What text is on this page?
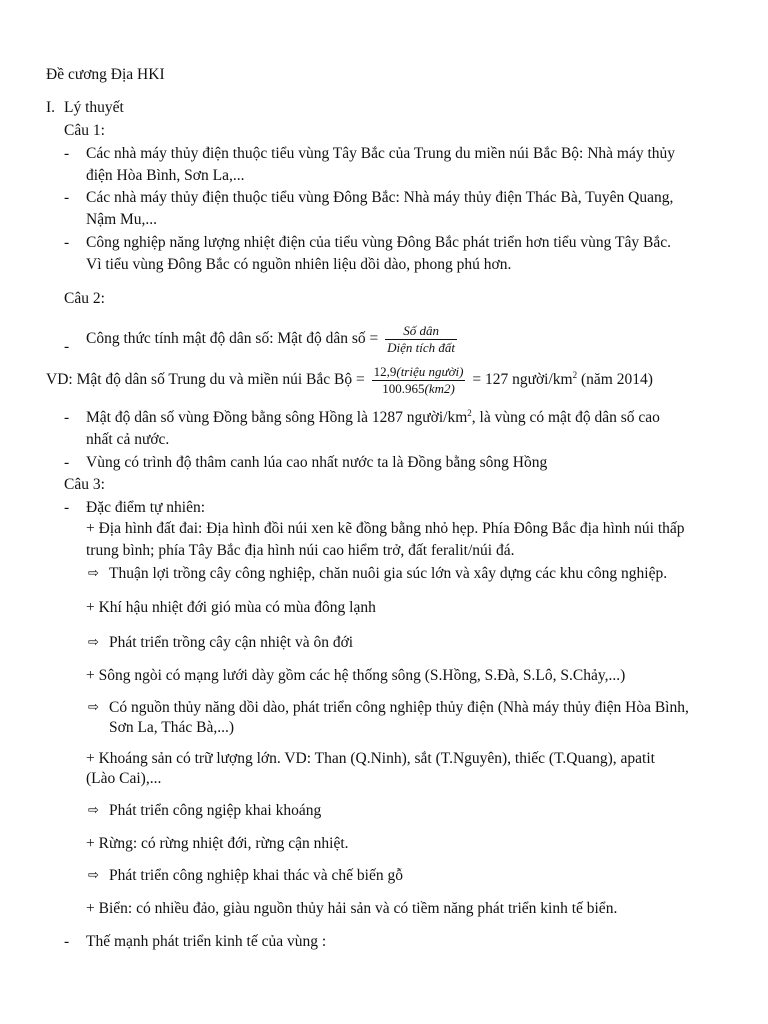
Đề cương Địa HKI
I. Lý thuyết
Câu 1:
- Các nhà máy thủy điện thuộc tiểu vùng Tây Bắc của Trung du miền núi Bắc Bộ: Nhà máy thủy
điện Hòa Bình, Sơn La,...
- Các nhà máy thủy điện thuộc tiểu vùng Đông Bắc: Nhà máy thủy điện Thác Bà, Tuyên Quang,
Nậm Mu,...
- Công nghiệp năng lượng nhiệt điện của tiểu vùng Đông Bắc phát triển hơn tiểu vùng Tây Bắc.
Vì tiểu vùng Đông Bắc có nguồn nhiên liệu dồi dào, phong phú hơn.
Câu 2:
- Công thức tính mật độ dân số: Mật độ dân số = $\frac{\text{Số dân}}{\text{Diện tích đất}}$
VD: Mật độ dân số Trung du và miền núi Bắc Bộ = $\frac{\text{12,9(triệu người)}}{100.965(km2)} = 127$ người/$km^2$ (năm 2014)
- Mật độ dân số vùng Đồng bằng sông Hồng là 1287 người/$km^2$, là vùng có mật độ dân số cao
nhất cả nước.
- Vùng có trình độ thâm canh lúa cao nhất nước ta là Đồng bằng sông Hồng
Câu 3:
- Đặc điểm tự nhiên:
+ Địa hình đất đai: Địa hình đồi núi xen kẽ đồng bằng nhỏ hẹp. Phía Đông Bắc địa hình núi thấp
trung bình; phía Tây Bắc địa hình núi cao hiểm trở, đất feralit/núi đá.
⇨ Thuận lợi trồng cây công nghiệp, chăn nuôi gia súc lớn và xây dựng các khu công nghiệp.
+ Khí hậu nhiệt đới gió mùa có mùa đông lạnh
⇨ Phát triển trồng cây cận nhiệt và ôn đới
+ Sông ngòi có mạng lưới dày gồm các hệ thống sông (S.Hồng, S.Đà, S.Lô, S.Chảy,...)
⇨ Có nguồn thủy năng dồi dào, phát triển công nghiệp thủy điện (Nhà máy thủy điện Hòa Bình,
Sơn La, Thác Bà,...)
+ Khoáng sản có trữ lượng lớn. VD: Than (Q.Ninh), sắt (T.Nguyên), thiếc (T.Quang), apatit
(Lào Cai),...
⇨ Phát triển công ngiệp khai khoáng
+ Rừng: có rừng nhiệt đới, rừng cận nhiệt.
⇨ Phát triển công nghiệp khai thác và chế biến gỗ
+ Biển: có nhiều đảo, giàu nguồn thủy hải sản và có tiềm năng phát triển kinh tế biển.
- Thế mạnh phát triển kinh tế của vùng :
